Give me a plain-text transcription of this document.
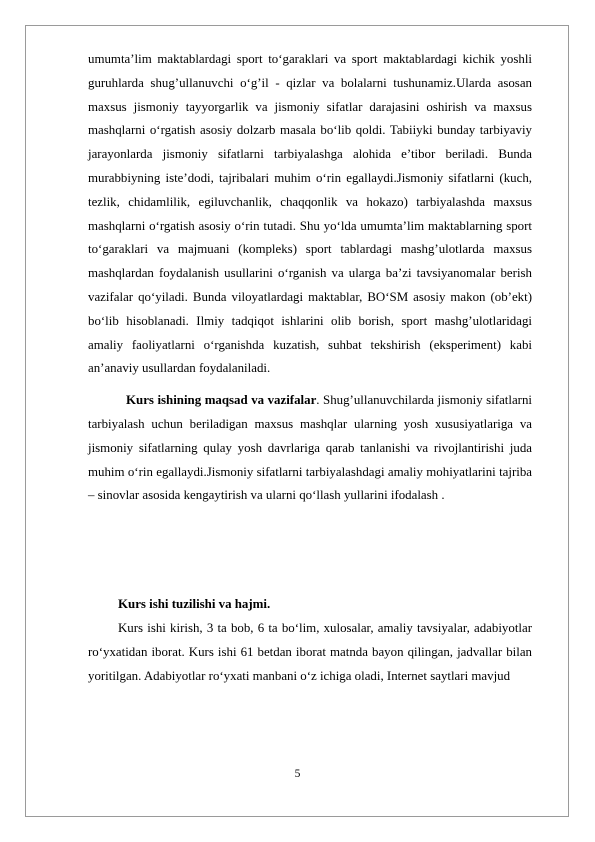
umumta’lim maktablardagi sport to‘garaklari va sport maktablardagi kichik yoshli guruhlarda shug’ullanuvchi o‘g’il - qizlar va bolalarni tushunamiz.Ularda asosan maxsus jismoniy tayyorgarlik va jismoniy sifatlar darajasini oshirish va maxsus mashqlarni o‘rgatish asosiy dolzarb masala bo‘lib qoldi. Tabiiyki bunday tarbiyaviy jarayonlarda jismoniy sifatlarni tarbiyalashga alohida e’tibor beriladi. Bunda murabbiyning iste’dodi, tajribalari muhim o‘rin egallaydi.Jismoniy sifatlarni (kuch, tezlik, chidamlilik, egiluvchanlik, chaqqonlik va hokazo) tarbiyalashda maxsus mashqlarni o‘rgatish asosiy o‘rin tutadi. Shu yo‘lda umumta’lim maktablarning sport to‘garaklari va majmuani (kompleks) sport tablardagi mashg’ulotlarda maxsus mashqlardan foydalanish usullarini o‘rganish va ularga ba’zi tavsiyanomalar berish vazifalar qo‘yiladi. Bunda viloyatlardagi maktablar, BO‘SM asosiy makon (ob’ekt) bo‘lib hisoblanadi. Ilmiy tadqiqot ishlarini olib borish, sport mashg’ulotlaridagi amaliy faoliyatlarni o‘rganishda kuzatish, suhbat tekshirish (eksperiment) kabi an’anaviy usullardan foydalaniladi.

Kurs ishining maqsad va vazifalar. Shug’ullanuvchilarda jismoniy sifatlarni tarbiyalash uchun beriladigan maxsus mashqlar ularning yosh xususiyatlariga va jismoniy sifatlarning qulay yosh davrlariga qarab tanlanishi va rivojlantirishi juda muhim o‘rin egallaydi.Jismoniy sifatlarni tarbiyalashdagi amaliy mohiyatlarini tajriba – sinovlar asosida kengaytirish va ularni qo‘llash yullarini ifodalash .

Kurs ishi tuzilishi va hajmi.

Kurs ishi kirish, 3 ta bob, 6 ta bo‘lim, xulosalar, amaliy tavsiyalar, adabiyotlar ro‘yxatidan iborat. Kurs ishi 61 betdan iborat matnda bayon qilingan, jadvallar bilan yoritilgan. Adabiyotlar ro‘yxati manbani o‘z ichiga oladi, Internet saytlari mavjud

5
